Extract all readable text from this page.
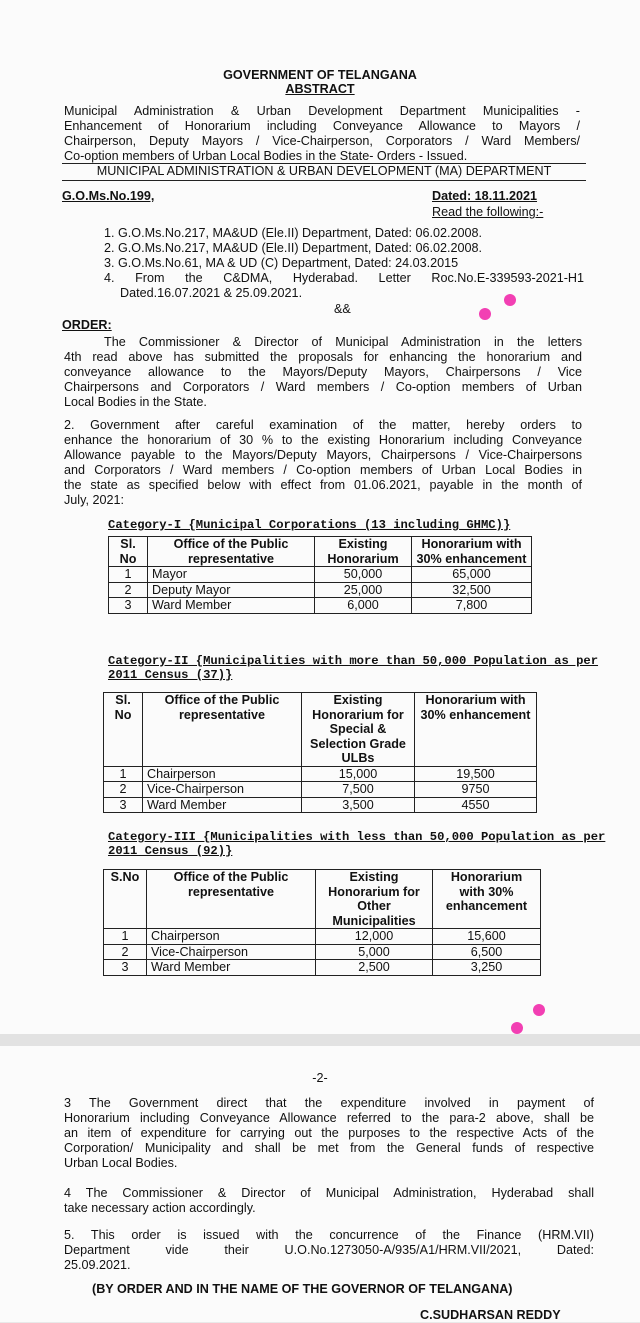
GOVERNMENT OF TELANGANA
ABSTRACT
Municipal Administration & Urban Development Department Municipalities -
Enhancement of Honorarium including Conveyance Allowance to Mayors /
Chairperson, Deputy Mayors / Vice-Chairperson, Corporators / Ward Members/
Co-option members of Urban Local Bodies in the State- Orders - Issued.
MUNICIPAL ADMINISTRATION & URBAN DEVELOPMENT (MA) DEPARTMENT
G.O.Ms.No.199,	Dated: 18.11.2021
Read the following:-
1. G.O.Ms.No.217, MA&UD (Ele.II) Department, Dated: 06.02.2008.
2. G.O.Ms.No.217, MA&UD (Ele.II) Department, Dated: 06.02.2008.
3. G.O.Ms.No.61, MA & UD (C) Department, Dated: 24.03.2015
4. From the C&DMA, Hyderabad. Letter Roc.No.E-339593-2021-H1
Dated.16.07.2021 & 25.09.2021.
&&
ORDER:
The Commissioner & Director of Municipal Administration in the letters
4th read above has submitted the proposals for enhancing the honorarium and
conveyance allowance to the Mayors/Deputy Mayors, Chairpersons / Vice
Chairpersons and Corporators / Ward members / Co-option members of Urban
Local Bodies in the State.
2. Government after careful examination of the matter, hereby orders to
enhance the honorarium of 30 % to the existing Honorarium including Conveyance
Allowance payable to the Mayors/Deputy Mayors, Chairpersons / Vice-Chairpersons
and Corporators / Ward members / Co-option members of Urban Local Bodies in
the state as specified below with effect from 01.06.2021, payable in the month of
July, 2021:
Category-I {Municipal Corporations (13 including GHMC)}
Sl. No	Office of the Public representative	Existing Honorarium	Honorarium with 30% enhancement
1	Mayor	50,000	65,000
2	Deputy Mayor	25,000	32,500
3	Ward Member	6,000	7,800
Category-II {Municipalities with more than 50,000 Population as per
2011 Census (37)}
Sl. No	Office of the Public representative	Existing Honorarium for Special & Selection Grade ULBs	Honorarium with 30% enhancement
1	Chairperson	15,000	19,500
2	Vice-Chairperson	7,500	9750
3	Ward Member	3,500	4550
Category-III {Municipalities with less than 50,000 Population as per
2011 Census (92)}
S.No	Office of the Public representative	Existing Honorarium for Other Municipalities	Honorarium with 30% enhancement
1	Chairperson	12,000	15,600
2	Vice-Chairperson	5,000	6,500
3	Ward Member	2,500	3,250
-2-
3 The Government direct that the expenditure involved in payment of
Honorarium including Conveyance Allowance referred to the para-2 above, shall be
an item of expenditure for carrying out the purposes to the respective Acts of the
Corporation/ Municipality and shall be met from the General funds of respective
Urban Local Bodies.
4 The Commissioner & Director of Municipal Administration, Hyderabad shall
take necessary action accordingly.
5. This order is issued with the concurrence of the Finance (HRM.VII)
Department vide their U.O.No.1273050-A/935/A1/HRM.VII/2021, Dated:
25.09.2021.
(BY ORDER AND IN THE NAME OF THE GOVERNOR OF TELANGANA)
C.SUDHARSAN REDDY
